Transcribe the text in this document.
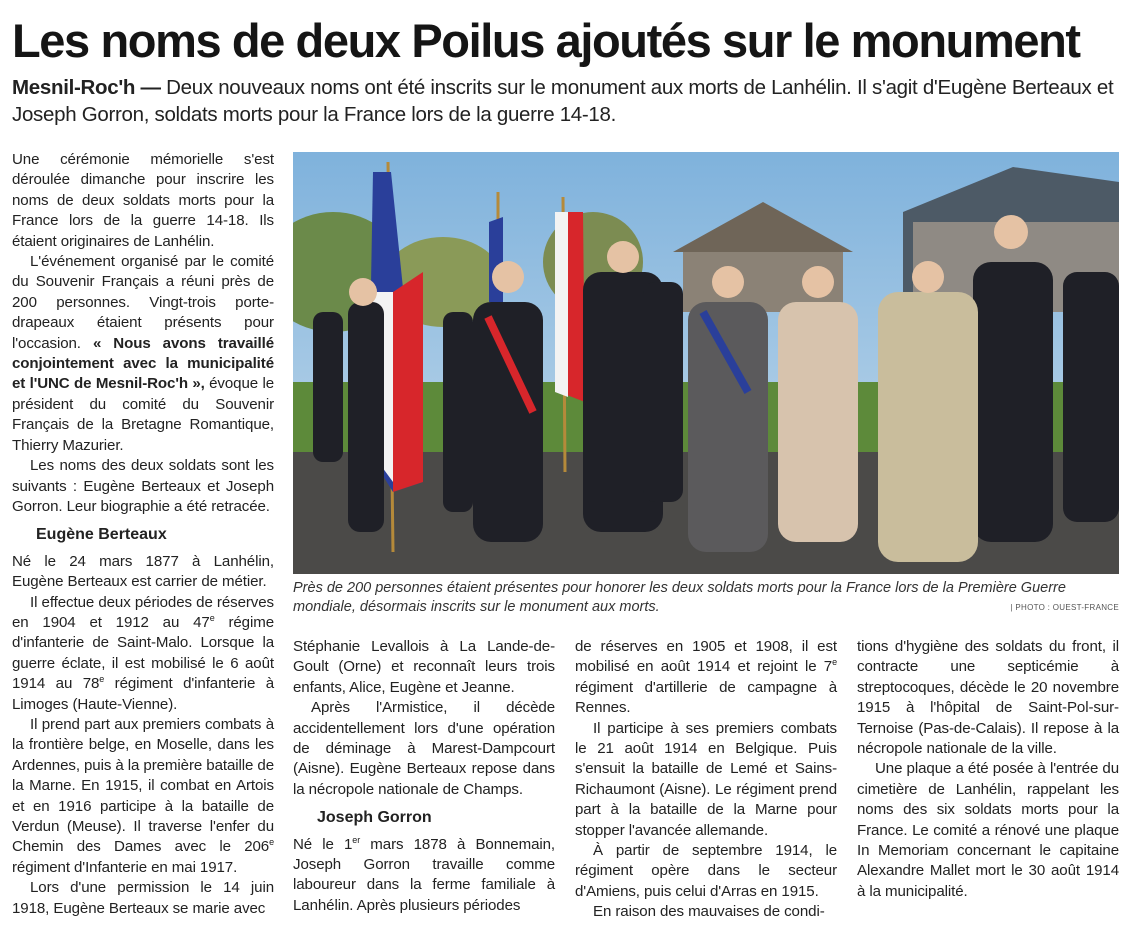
Les noms de deux Poilus ajoutés sur le monument
Mesnil-Roc'h — Deux nouveaux noms ont été inscrits sur le monument aux morts de Lanhélin. Il s'agit d'Eugène Berteaux et Joseph Gorron, soldats morts pour la France lors de la guerre 14-18.

Une cérémonie mémorielle s'est déroulée dimanche pour inscrire les noms de deux soldats morts pour la France lors de la guerre 14-18. Ils étaient originaires de Lanhélin.

L'événement organisé par le comité du Souvenir Français a réuni près de 200 personnes. Vingt-trois porte-drapeaux étaient présents pour l'occasion. « Nous avons travaillé conjointement avec la municipalité et l'UNC de Mesnil-Roc'h », évoque le président du comité du Souvenir Français de la Bretagne Romantique, Thierry Mazurier.

Les noms des deux soldats sont les suivants : Eugène Berteaux et Joseph Gorron. Leur biographie a été retracée.

Eugène Berteaux

Né le 24 mars 1877 à Lanhélin, Eugène Berteaux est carrier de métier.

Il effectue deux périodes de réserves en 1904 et 1912 au 47e régime d'infanterie de Saint-Malo. Lorsque la guerre éclate, il est mobilisé le 6 août 1914 au 78e régiment d'infanterie à Limoges (Haute-Vienne).

Il prend part aux premiers combats à la frontière belge, en Moselle, dans les Ardennes, puis à la première bataille de la Marne. En 1915, il combat en Artois et en 1916 participe à la bataille de Verdun (Meuse). Il traverse l'enfer du Chemin des Dames avec le 206e régiment d'Infanterie en mai 1917.

Lors d'une permission le 14 juin 1918, Eugène Berteaux se marie avec

Près de 200 personnes étaient présentes pour honorer les deux soldats morts pour la France lors de la Première Guerre mondiale, désormais inscrits sur le monument aux morts.	| PHOTO : OUEST-FRANCE

Stéphanie Levallois à La Lande-de-Goult (Orne) et reconnaît leurs trois enfants, Alice, Eugène et Jeanne.

Après l'Armistice, il décède accidentellement lors d'une opération de déminage à Marest-Dampcourt (Aisne). Eugène Berteaux repose dans la nécropole nationale de Champs.

Joseph Gorron

Né le 1er mars 1878 à Bonnemain, Joseph Gorron travaille comme laboureur dans la ferme familiale à Lanhélin. Après plusieurs périodes

de réserves en 1905 et 1908, il est mobilisé en août 1914 et rejoint le 7e régiment d'artillerie de campagne à Rennes.

Il participe à ses premiers combats le 21 août 1914 en Belgique. Puis s'ensuit la bataille de Lemé et Sains-Richaumont (Aisne). Le régiment prend part à la bataille de la Marne pour stopper l'avancée allemande.

À partir de septembre 1914, le régiment opère dans le secteur d'Amiens, puis celui d'Arras en 1915.

En raison des mauvaises de condi-

tions d'hygiène des soldats du front, il contracte une septicémie à streptocoques, décède le 20 novembre 1915 à l'hôpital de Saint-Pol-sur-Ternoise (Pas-de-Calais). Il repose à la nécropole nationale de la ville.

Une plaque a été posée à l'entrée du cimetière de Lanhélin, rappelant les noms des six soldats morts pour la France. Le comité a rénové une plaque In Memoriam concernant le capitaine Alexandre Mallet mort le 30 août 1914 à la municipalité.
